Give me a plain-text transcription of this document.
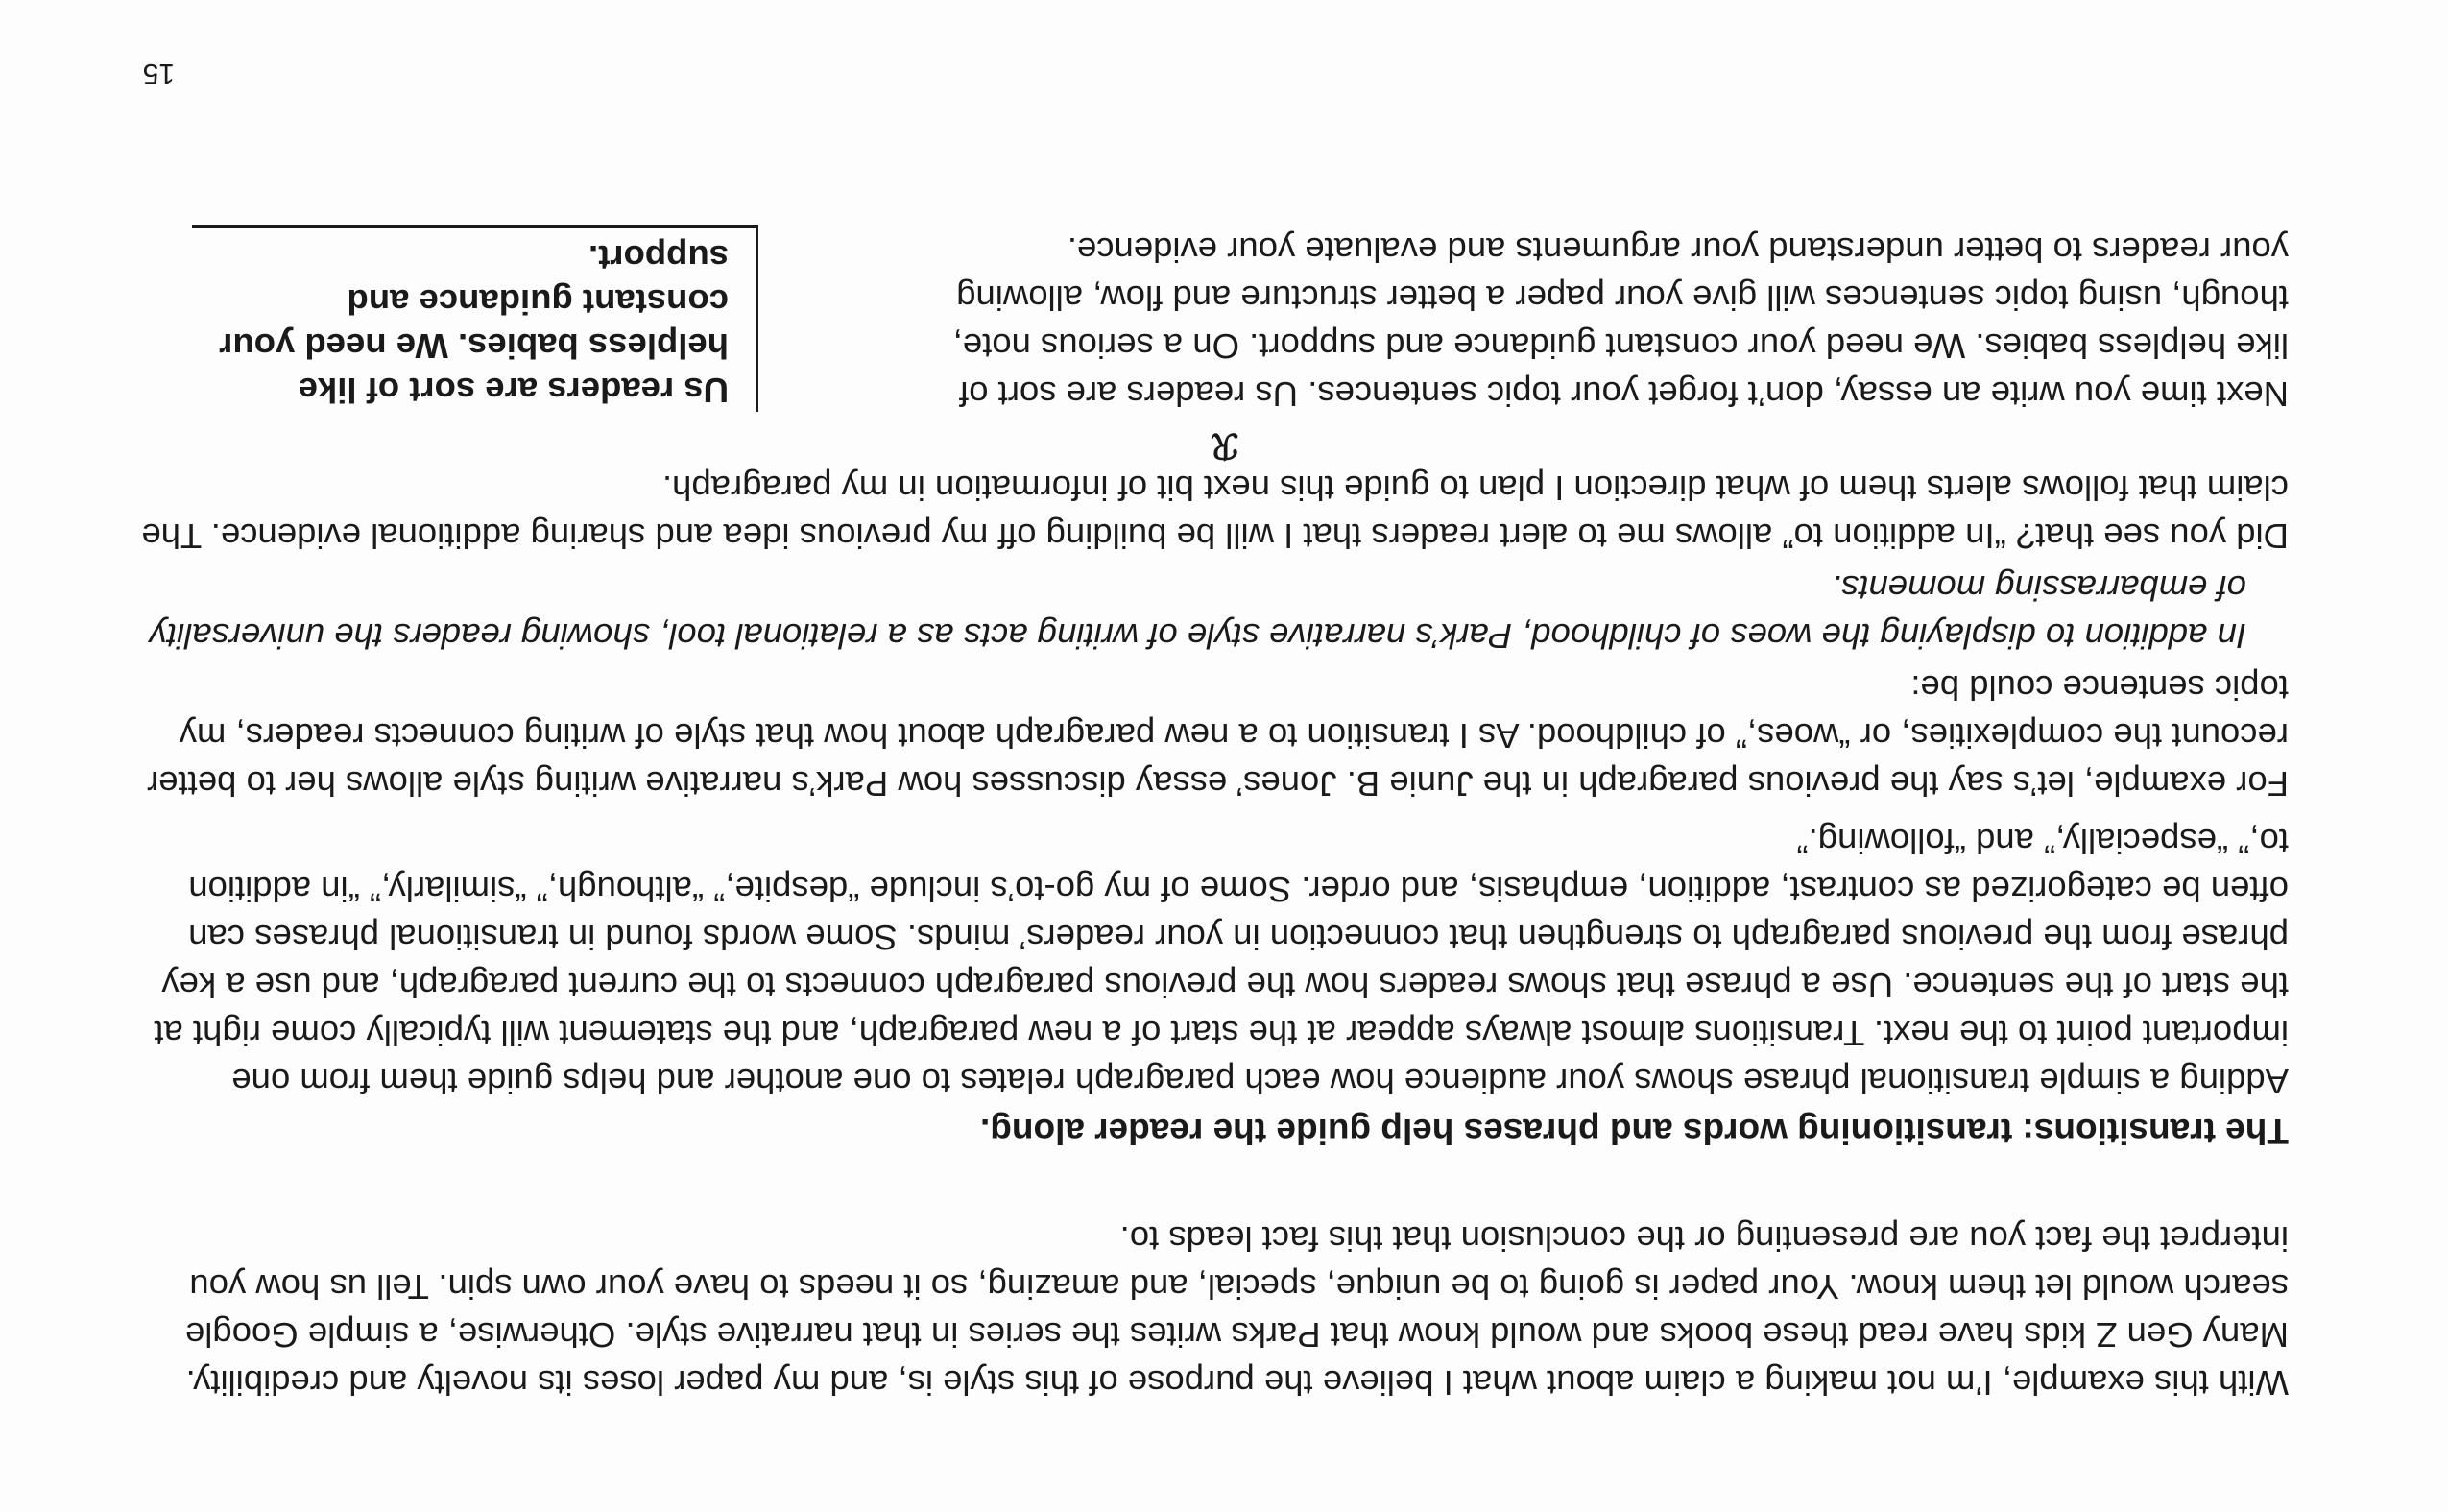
With this example, I’m not making a claim about what I believe the purpose of this style is, and my paper loses its novelty and credibility. Many Gen Z kids have read these books and would know that Parks writes the series in that narrative style. Otherwise, a simple Google search would let them know. Your paper is going to be unique, special, and amazing, so it needs to have your own spin. Tell us how you interpret the fact you are presenting or the conclusion that this fact leads to.

The transitions: transitioning words and phrases help guide the reader along.

Adding a simple transitional phrase shows your audience how each paragraph relates to one another and helps guide them from one important point to the next. Transitions almost always appear at the start of a new paragraph, and the statement will typically come right at the start of the sentence. Use a phrase that shows readers how the previous paragraph connects to the current paragraph, and use a key phrase from the previous paragraph to strengthen that connection in your readers’ minds. Some words found in transitional phrases can often be categorized as contrast, addition, emphasis, and order. Some of my go-to’s include “despite,” “although,” “similarly,” “in addition to,” “especially,” and “following.”

For example, let’s say the previous paragraph in the Junie B. Jones’ essay discusses how Park’s narrative writing style allows her to better recount the complexities, or “woes,” of childhood. As I transition to a new paragraph about how that style of writing connects readers, my topic sentence could be:

In addition to displaying the woes of childhood, Park’s narrative style of writing acts as a relational tool, showing readers the universality of embarrassing moments.

Did you see that? “In addition to” allows me to alert readers that I will be building off my previous idea and sharing additional evidence. The claim that follows alerts them of what direction I plan to guide this next bit of information in my paragraph.

ℛ

Next time you write an essay, don’t forget your topic sentences. Us readers are sort of like helpless babies. We need your constant guidance and support. On a serious note, though, using topic sentences will give your paper a better structure and flow, allowing your readers to better understand your arguments and evaluate your evidence.

Us readers are sort of like helpless babies. We need your constant guidance and support.
15
